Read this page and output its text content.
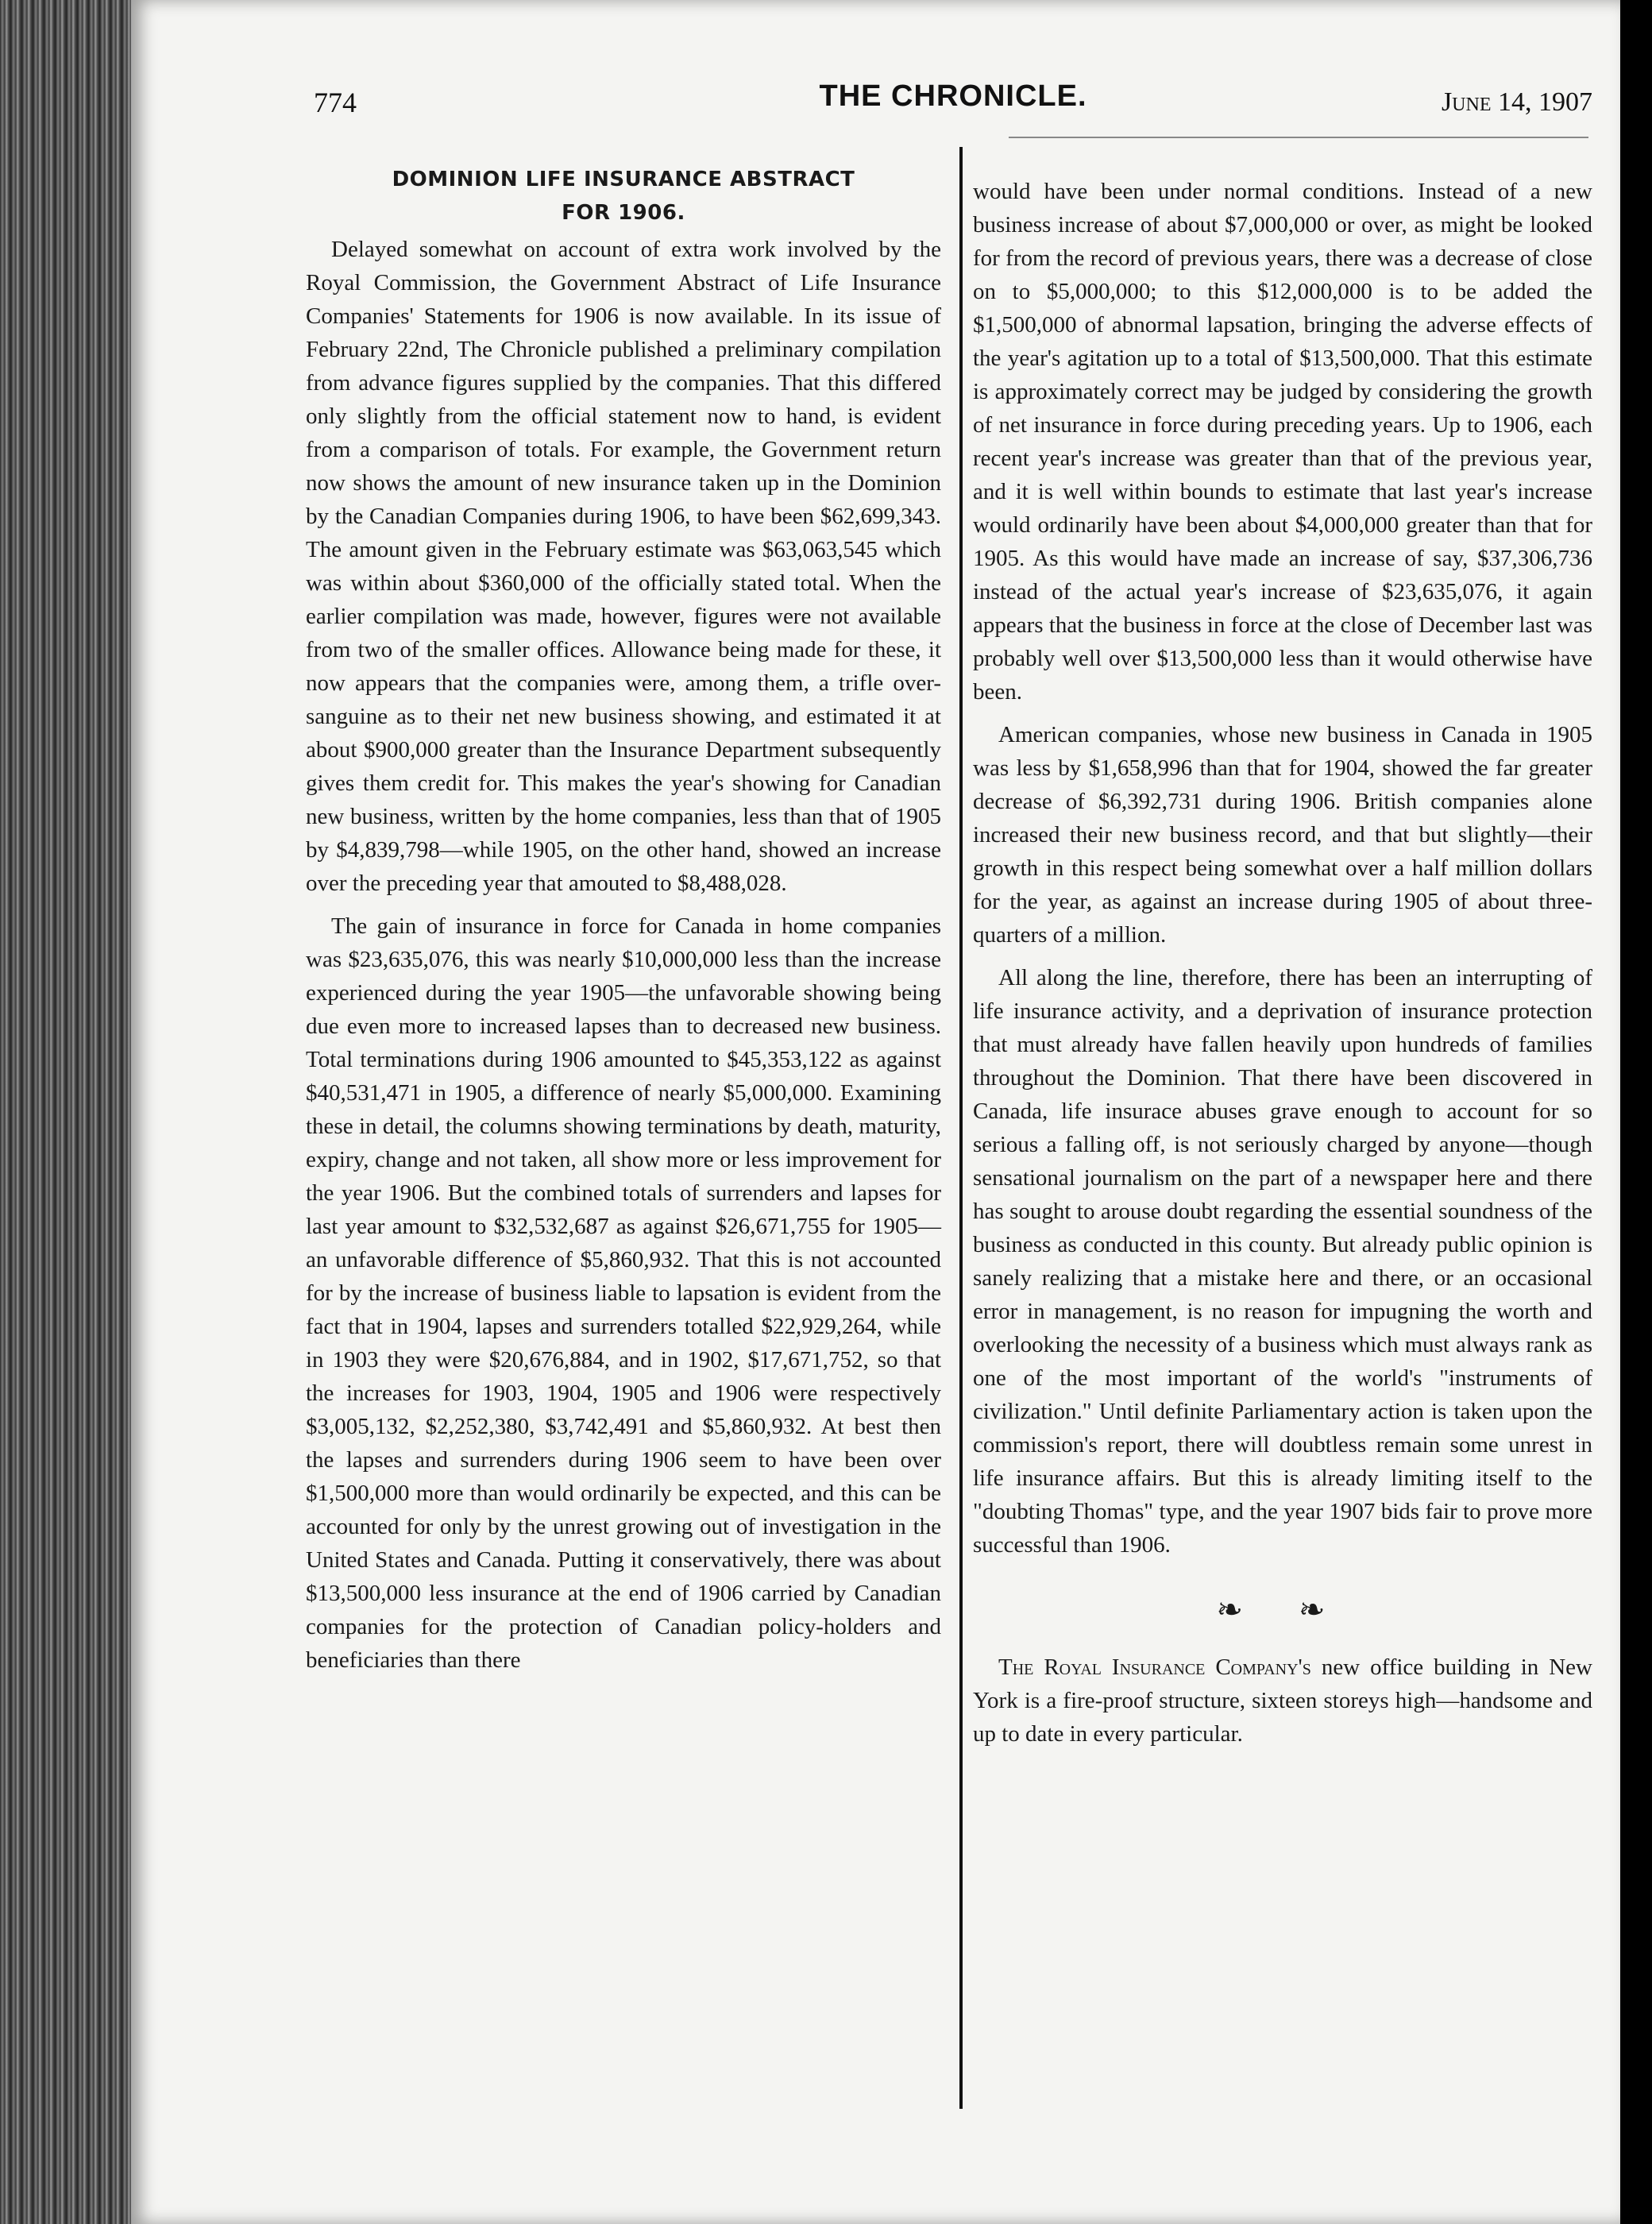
774	THE CHRONICLE.	June 14, 1907
DOMINION LIFE INSURANCE ABSTRACT
FOR 1906.

Delayed somewhat on account of extra work involved by the Royal Commission, the Government Abstract of Life Insurance Companies' Statements for 1906 is now available. In its issue of February 22nd, The Chronicle published a preliminary compilation from advance figures supplied by the companies. That this differed only slightly from the official statement now to hand, is evident from a comparison of totals. For example, the Government return now shows the amount of new insurance taken up in the Dominion by the Canadian Companies during 1906, to have been $62,699,343. The amount given in the February estimate was $63,063,545 which was within about $360,000 of the officially stated total. When the earlier compilation was made, however, figures were not available from two of the smaller offices. Allowance being made for these, it now appears that the companies were, among them, a trifle over-sanguine as to their net new business showing, and estimated it at about $900,000 greater than the Insurance Department subsequently gives them credit for. This makes the year's showing for Canadian new business, written by the home companies, less than that of 1905 by $4,839,798—while 1905, on the other hand, showed an increase over the preceding year that amouted to $8,488,028.

The gain of insurance in force for Canada in home companies was $23,635,076, this was nearly $10,000,000 less than the increase experienced during the year 1905—the unfavorable showing being due even more to increased lapses than to decreased new business. Total terminations during 1906 amounted to $45,353,122 as against $40,531,471 in 1905, a difference of nearly $5,000,000. Examining these in detail, the columns showing terminations by death, maturity, expiry, change and not taken, all show more or less improvement for the year 1906. But the combined totals of surrenders and lapses for last year amount to $32,532,687 as against $26,671,755 for 1905—an unfavorable difference of $5,860,932. That this is not accounted for by the increase of business liable to lapsation is evident from the fact that in 1904, lapses and surrenders totalled $22,929,264, while in 1903 they were $20,676,884, and in 1902, $17,671,752, so that the increases for 1903, 1904, 1905 and 1906 were respectively $3,005,132, $2,252,380, $3,742,491 and $5,860,932. At best then the lapses and surrenders during 1906 seem to have been over $1,500,000 more than would ordinarily be expected, and this can be accounted for only by the unrest growing out of investigation in the United States and Canada. Putting it conservatively, there was about $13,500,000 less insurance at the end of 1906 carried by Canadian companies for the protection of Canadian policy-holders and beneficiaries than there

would have been under normal conditions. Instead of a new business increase of about $7,000,000 or over, as might be looked for from the record of previous years, there was a decrease of close on to $5,000,000; to this $12,000,000 is to be added the $1,500,000 of abnormal lapsation, bringing the adverse effects of the year's agitation up to a total of $13,500,000. That this estimate is approximately correct may be judged by considering the growth of net insurance in force during preceding years. Up to 1906, each recent year's increase was greater than that of the previous year, and it is well within bounds to estimate that last year's increase would ordinarily have been about $4,000,000 greater than that for 1905. As this would have made an increase of say, $37,306,736 instead of the actual year's increase of $23,635,076, it again appears that the business in force at the close of December last was probably well over $13,500,000 less than it would otherwise have been.

American companies, whose new business in Canada in 1905 was less by $1,658,996 than that for 1904, showed the far greater decrease of $6,392,731 during 1906. British companies alone increased their new business record, and that but slightly—their growth in this respect being somewhat over a half million dollars for the year, as against an increase during 1905 of about three-quarters of a million.

All along the line, therefore, there has been an interrupting of life insurance activity, and a deprivation of insurance protection that must already have fallen heavily upon hundreds of families throughout the Dominion. That there have been discovered in Canada, life insurace abuses grave enough to account for so serious a falling off, is not seriously charged by anyone—though sensational journalism on the part of a newspaper here and there has sought to arouse doubt regarding the essential soundness of the business as conducted in this county. But already public opinion is sanely realizing that a mistake here and there, or an occasional error in management, is no reason for impugning the worth and overlooking the necessity of a business which must always rank as one of the most important of the world's "instruments of civilization." Until definite Parliamentary action is taken upon the commission's report, there will doubtless remain some unrest in life insurance affairs. But this is already limiting itself to the "doubting Thomas" type, and the year 1907 bids fair to prove more successful than 1906.

❧ ❧

The Royal Insurance Company's new office building in New York is a fire-proof structure, sixteen storeys high—handsome and up to date in every particular.
